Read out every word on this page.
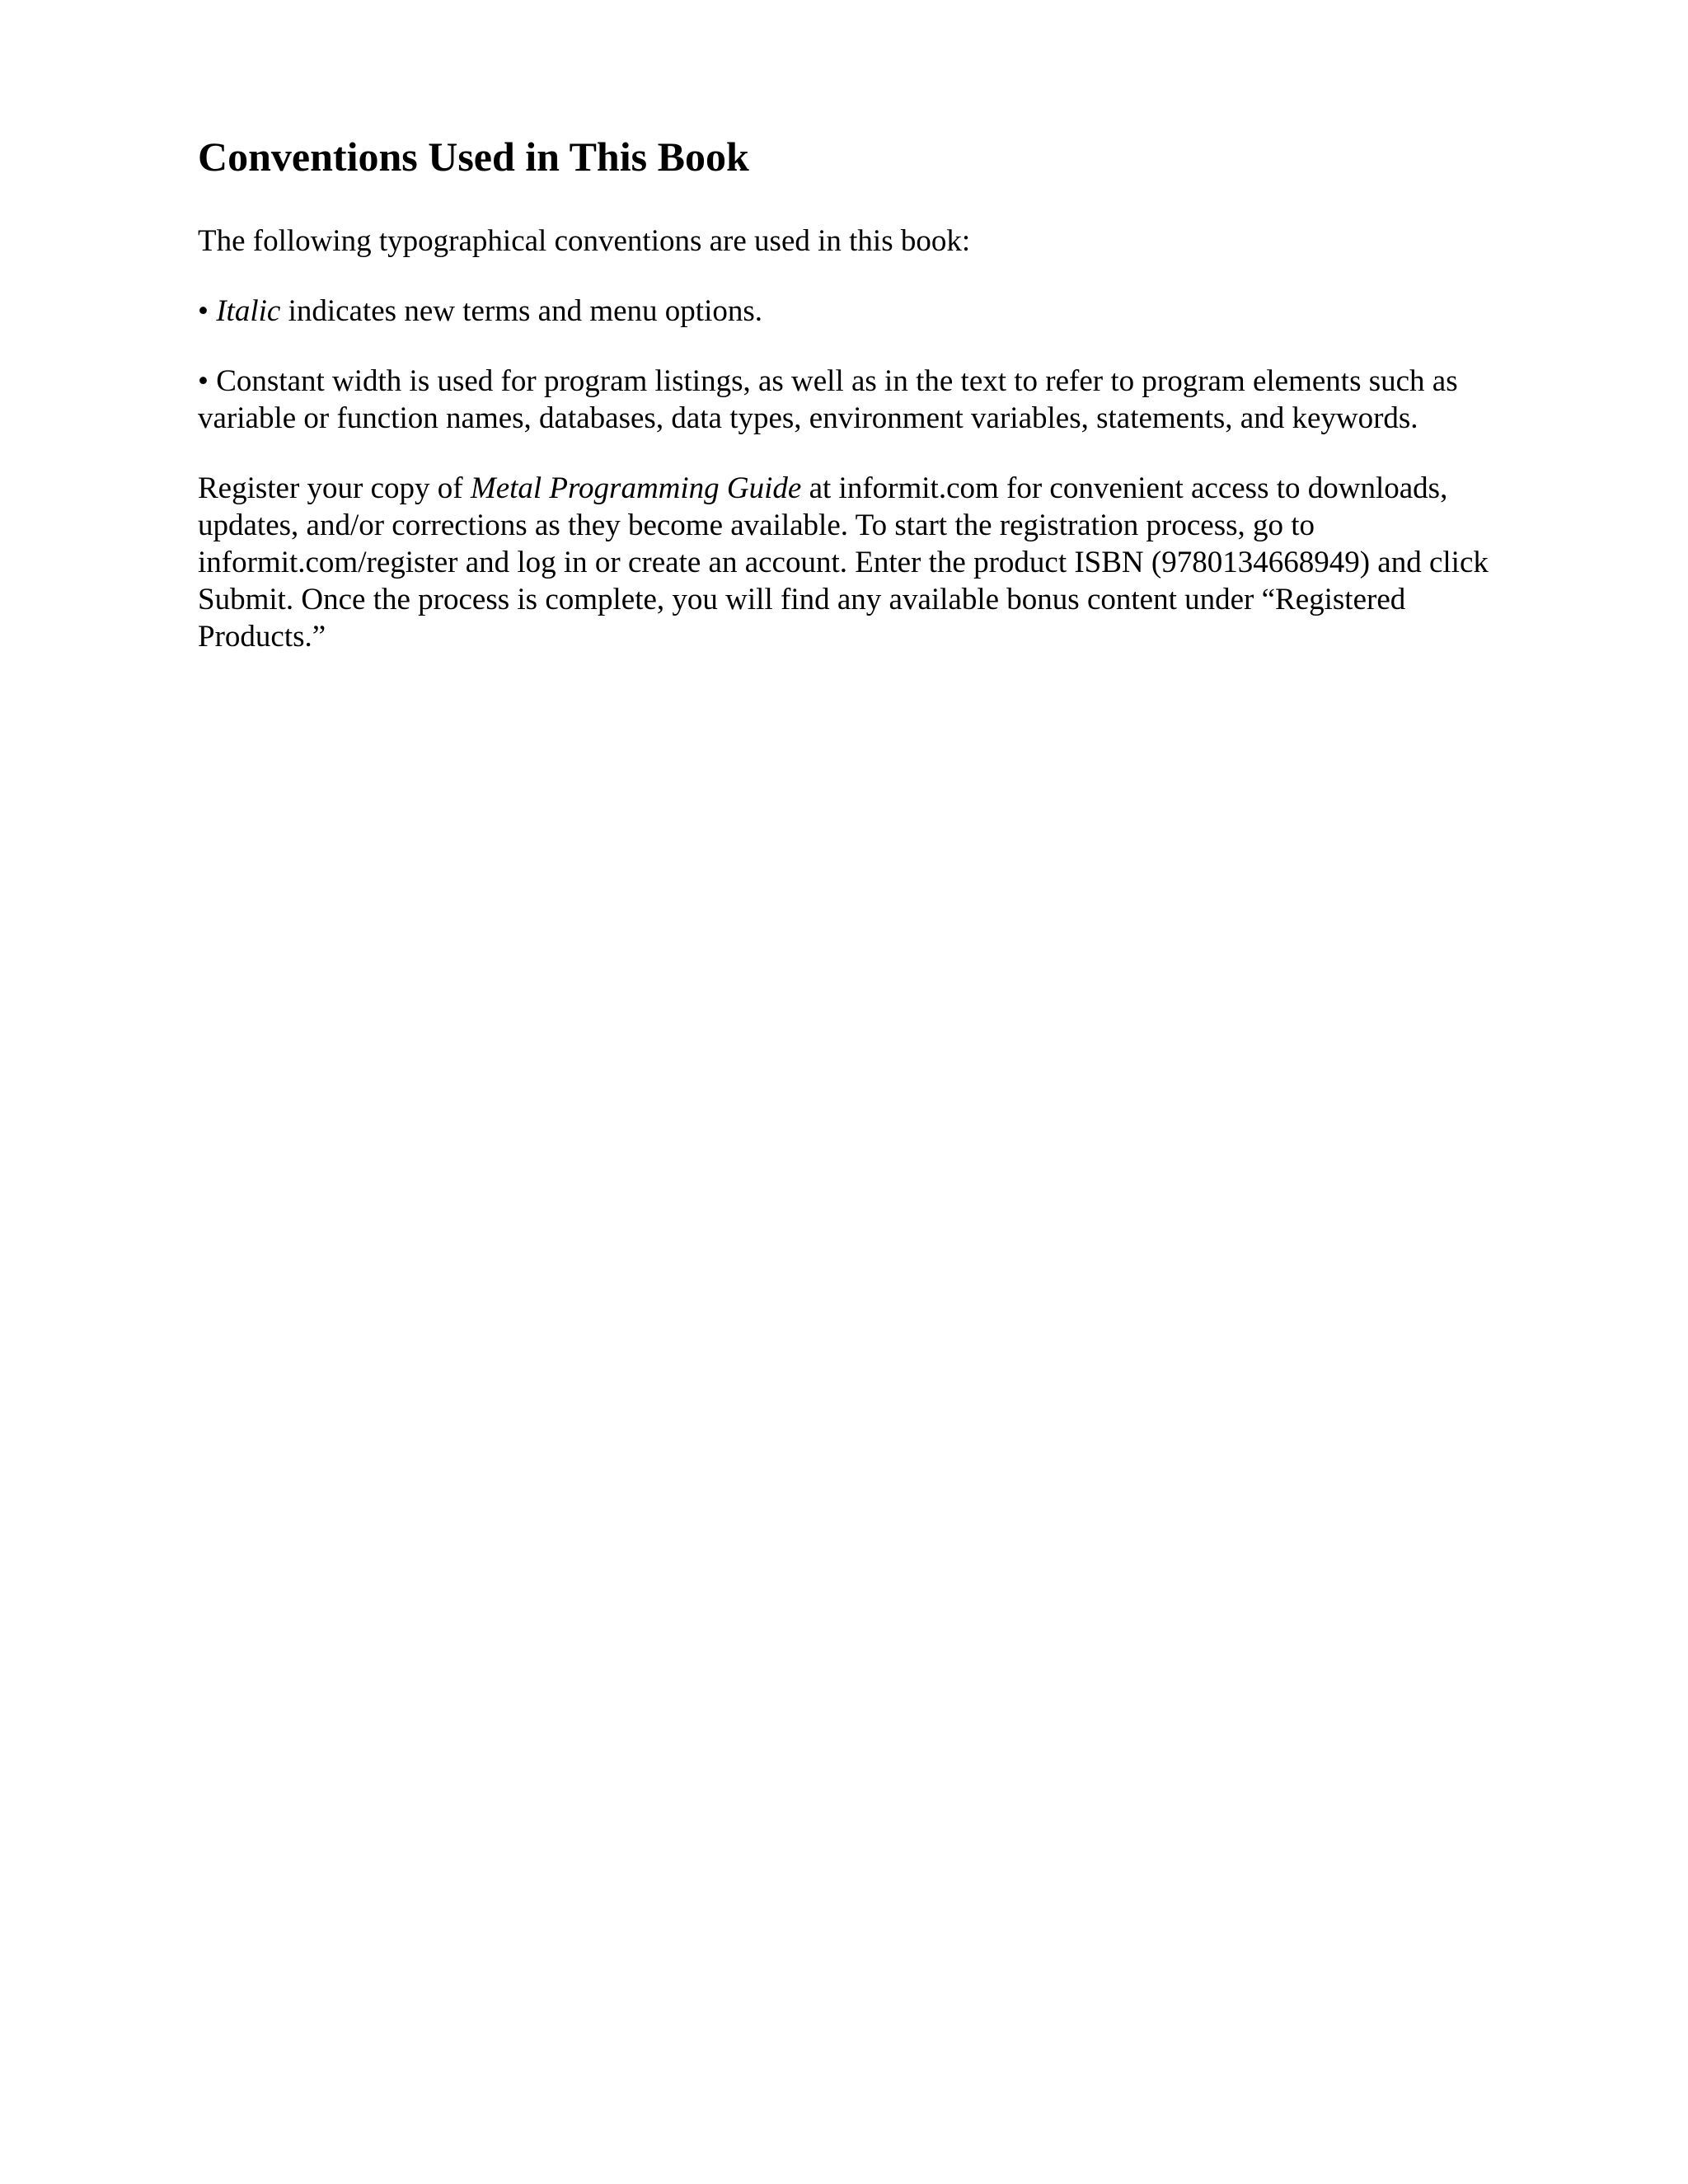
Conventions Used in This Book

The following typographical conventions are used in this book:

• Italic indicates new terms and menu options.

• Constant width is used for program listings, as well as in the text to refer to program elements such as variable or function names, databases, data types, environment variables, statements, and keywords.

Register your copy of Metal Programming Guide at informit.com for convenient access to downloads, updates, and/or corrections as they become available. To start the registration process, go to informit.com/register and log in or create an account. Enter the product ISBN (9780134668949) and click Submit. Once the process is complete, you will find any available bonus content under “Registered Products.”
